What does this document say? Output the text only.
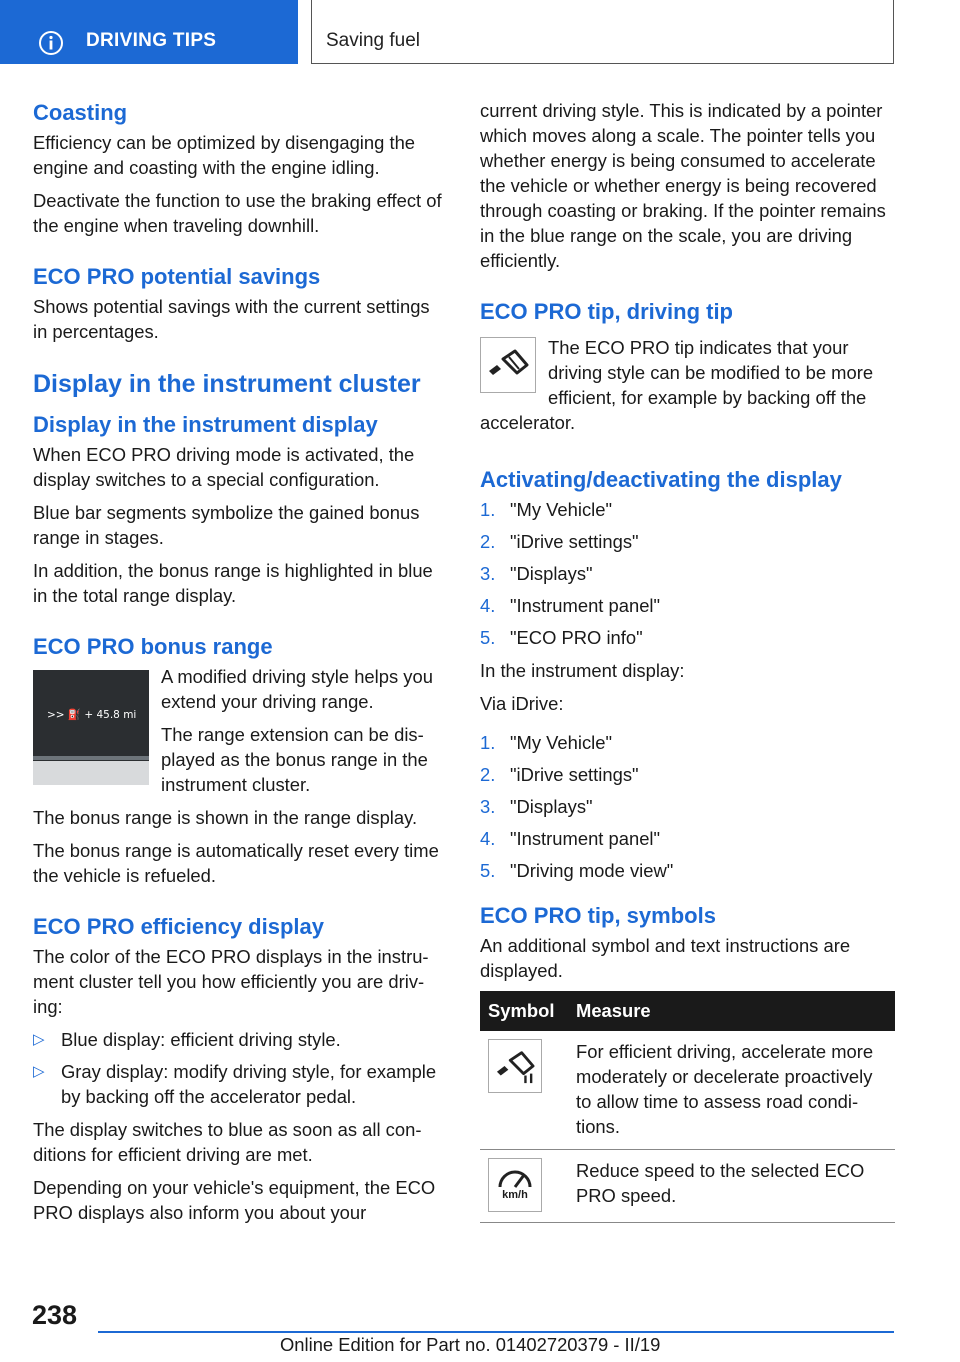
DRIVING TIPS	Saving fuel
Coasting

Efficiency can be optimized by disengaging the engine and coasting with the engine idling.

Deactivate the function to use the braking effect of the engine when traveling downhill.

ECO PRO potential savings

Shows potential savings with the current settings in percentages.

Display in the instrument cluster
Display in the instrument display

When ECO PRO driving mode is activated, the display switches to a special configuration.

Blue bar segments symbolize the gained bonus range in stages.

In addition, the bonus range is highlighted in blue in the total range display.

ECO PRO bonus range
>> ⛽ + 45.8 mi

A modified driving style helps you extend your driving range.

The range extension can be dis‐ played as the bonus range in the instrument cluster.

The bonus range is shown in the range display.

The bonus range is automatically reset every time the vehicle is refueled.

ECO PRO efficiency display

The color of the ECO PRO displays in the instru‐ ment cluster tell you how efficiently you are driv‐ ing:

▷ Blue display: efficient driving style.
▷ Gray display: modify driving style, for example by backing off the accelerator pedal.

The display switches to blue as soon as all con‐ ditions for efficient driving are met.

Depending on your vehicle's equipment, the ECO PRO displays also inform you about your

current driving style. This is indicated by a pointer which moves along a scale. The pointer tells you whether energy is being consumed to accelerate the vehicle or whether energy is being recovered through coasting or braking. If the pointer remains in the blue range on the scale, you are driving efficiently.

ECO PRO tip, driving tip

The ECO PRO tip indicates that your driving style can be modified to be more efficient, for example by backing off the

accelerator.

Activating/deactivating the display
1. "My Vehicle"
2. "iDrive settings"
3. "Displays"
4. "Instrument panel"
5. "ECO PRO info"

In the instrument display:

Via iDrive:

1. "My Vehicle"
2. "iDrive settings"
3. "Displays"
4. "Instrument panel"
5. "Driving mode view"
ECO PRO tip, symbols

An additional symbol and text instructions are displayed.

Symbol	Measure

	For efficient driving, accelerate more moderately or decelerate proactively to allow time to assess road condi‐ tions.

km/h	Reduce speed to the selected ECO PRO speed.
238
Online Edition for Part no. 01402720379 - II/19
